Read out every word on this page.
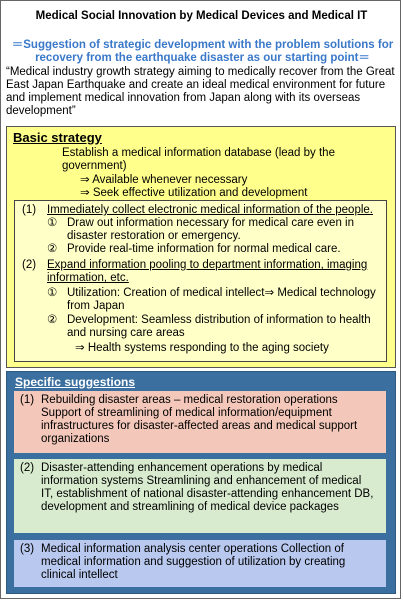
Medical Social Innovation by Medical Devices and Medical IT
＝Suggestion of strategic development with the problem solutions for recovery from the earthquake disaster as our starting point＝
“Medical industry growth strategy aiming to medically recover from the Great East Japan Earthquake and create an ideal medical environment for future and implement medical innovation from Japan along with its overseas development”
Basic strategy
Establish a medical information database (lead by the government)
⇒ Available whenever necessary
⇒ Seek effective utilization and development
(1) Immediately collect electronic medical information of the people.
① Draw out information necessary for medical care even in disaster restoration or emergency.
② Provide real-time information for normal medical care.
(2) Expand information pooling to department information, imaging information, etc.
① Utilization: Creation of medical intellect⇒ Medical technology from Japan
② Development: Seamless distribution of information to health and nursing care areas
⇒ Health systems responding to the aging society
Specific suggestions
(1) Rebuilding disaster areas – medical restoration operations Support of streamlining of medical information/equipment infrastructures for disaster-affected areas and medical support organizations
(2) Disaster-attending enhancement operations by medical information systems Streamlining and enhancement of medical IT, establishment of national disaster-attending enhancement DB, development and streamlining of medical device packages
(3) Medical information analysis center operations Collection of medical information and suggestion of utilization by creating clinical intellect
